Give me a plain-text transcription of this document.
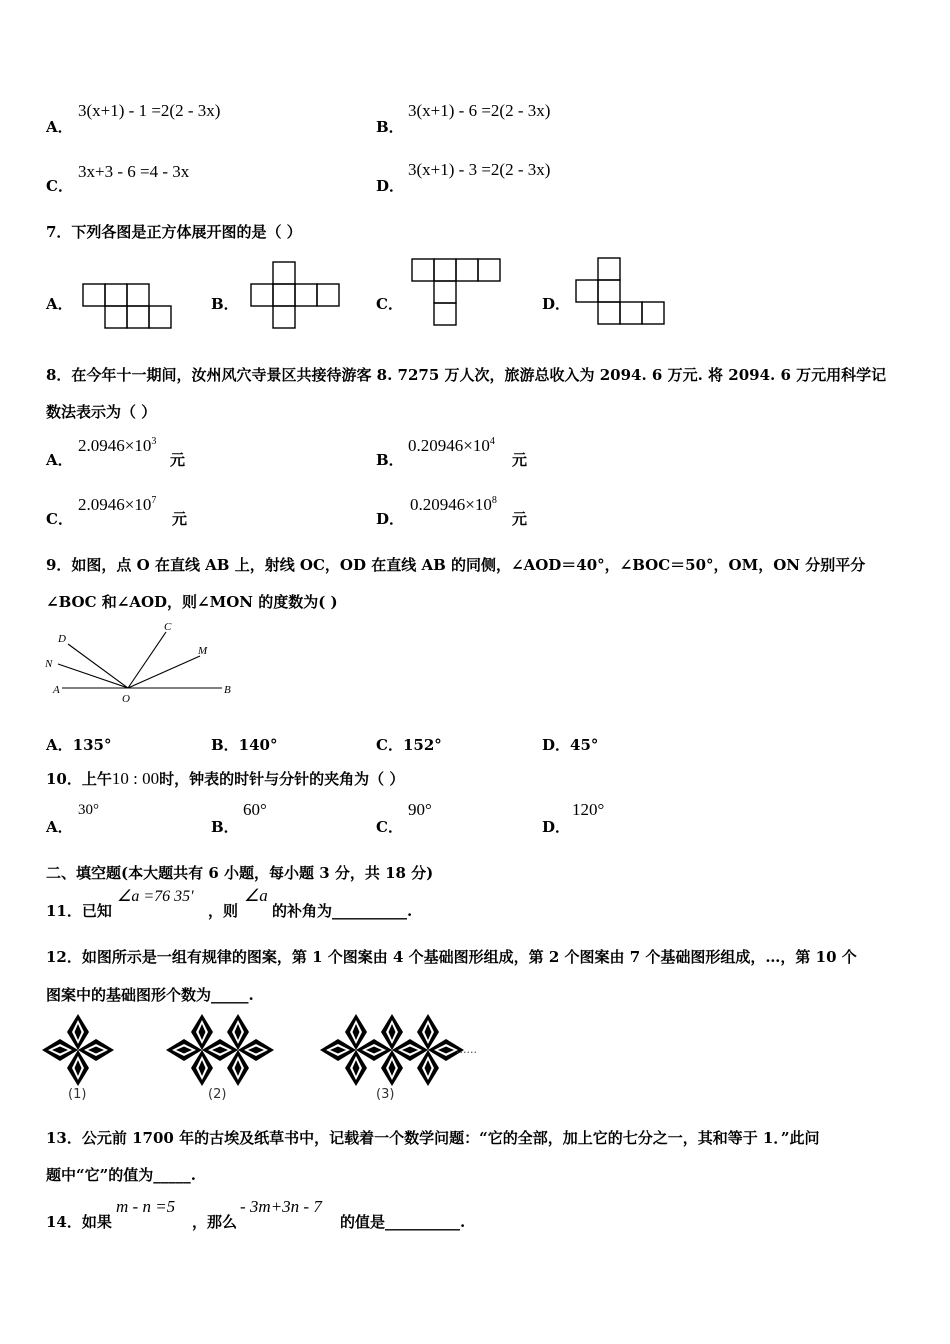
A．
3(x+1) - 1 =2(2 - 3x)
B．
3(x+1) - 6 =2(2 - 3x)
C．
3x+3 - 6 =4 - 3x
D．
3(x+1) - 3 =2(2 - 3x)
7．下列各图是正方体展开图的是（ ）
A．	B．	C．	D．
8．在今年十一期间，汝州风穴寺景区共接待游客 8. 7275 万人次，旅游总收入为 2094. 6 万元. 将 2094. 6 万元用科学记
数法表示为（ ）
A．
$2.0946\times 10^3$
元	B．
$0.20946\times 10^4$
元
C．
$2.0946\times 10^7$
元	D．
$0.20946\times 10^8$
元
9．如图，点 O 在直线 AB 上，射线 OC，OD 在直线 AB 的同侧，∠AOD＝40°，∠BOC＝50°，OM，ON 分别平分
∠BOC 和∠AOD，则∠MON 的度数为( )
D
C
N
M
A
O
B
A．135°	B．140°	C．152°	D．45°
10．上午10 : 00时，钟表的时针与分针的夹角为（ ）
A．
30°
B．
60°
C．
90°
D．
120°
二、填空题(本大题共有 6 小题，每小题 3 分，共 18 分)
11．已知
∠a =76 35′
，则
∠a
的补角为__________.
12．如图所示是一组有规律的图案，第 1 个图案由 4 个基础图形组成，第 2 个图案由 7 个基础图形组成，…，第 10 个
图案中的基础图形个数为_____.
......
(1)	(2)	(3)
13．公元前 1700 年的古埃及纸草书中，记载着一个数学问题：“它的全部，加上它的七分之一，其和等于 1．”此问
题中“它”的值为_____.
14．如果
m - n =5
，那么
- 3m+3n - 7
的值是__________.
